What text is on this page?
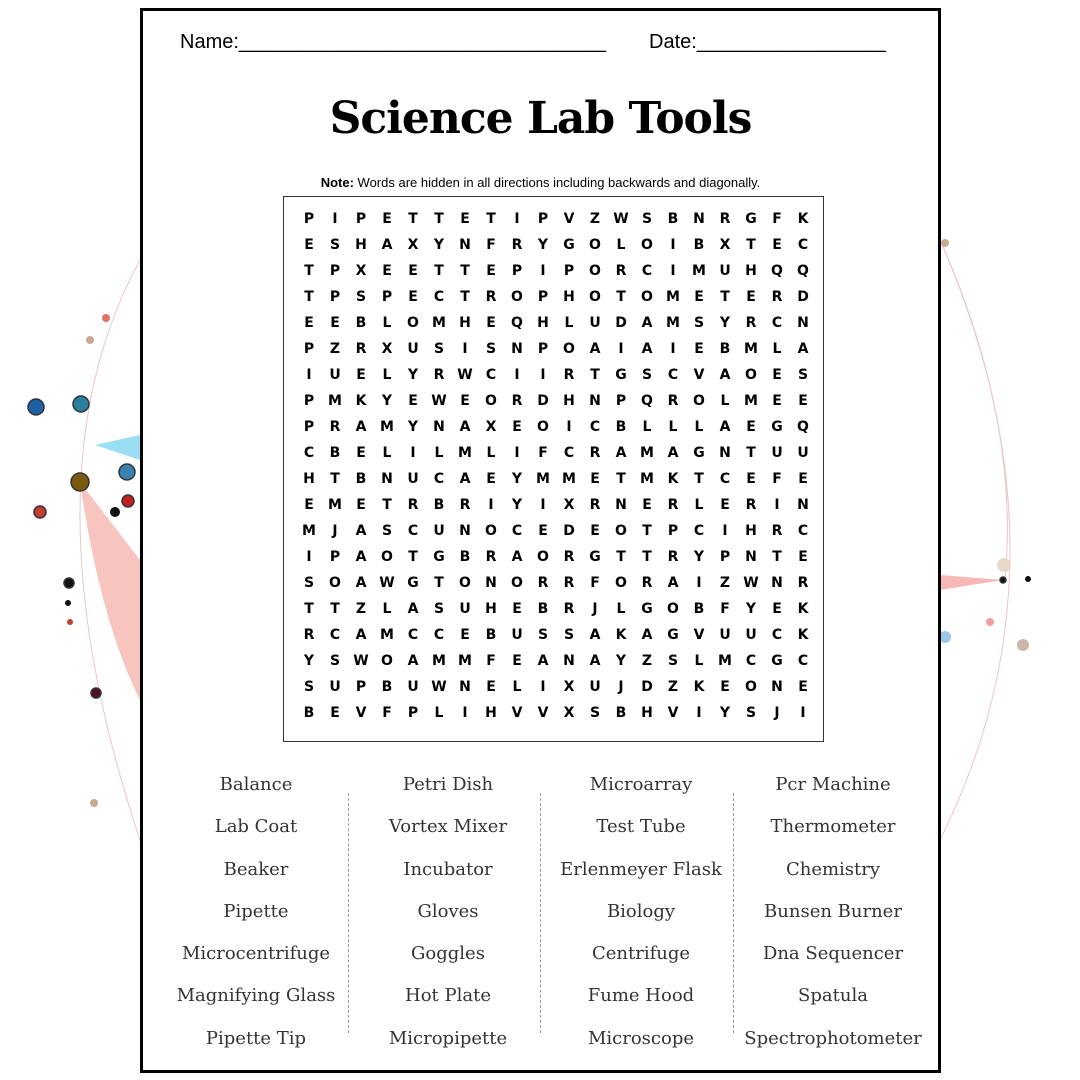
Name:_________________________________ Date:_________________
Science Lab Tools
Note: Words are hidden in all directions including backwards and diagonally.
P	I	P	E	T	T	E	T	I	P	V	Z W S	B	N	R	G	F	K
E	S	H	A	X	Y	N	F	R	Y	G	O	L	O	I	B	X	T	E	C
T	P	X	E	E	T	T	E	P	I	P	O	R	C	I	M U	H	Q	Q
T	P	S	P	E	C	T	R	O	P	H	O	T	O M	E	T	E	R	D
E	E	B	L	O M H	E	Q	H	L	U	D	A M S	Y	R	C	N
P	Z	R	X	U	S	I	S	N	P	O	A	I	A	I	E	B M	L	A
I	U	E	L	Y	R W C	I	I	R	T	G	S	C	V	A	O	E	S
P M K	Y	E W E	O	R	D	H	N	P	Q	R	O	L	M	E	E
P	R	A M Y	N	A	X	E	O	I	C	B	L	L	L	A	E	G	Q
C	B	E	L	I	L	M	L	I	F	C	R	A M A	G	N	T	U	U
H	T	B	N	U	C	A	E	Y M M	E	T	M K	T	C	E	F	E
E	M	E	T	R	B	R	I	Y	I	X	R	N	E	R	L	E	R	I	N
M	J	A	S	C	U	N	O	C	E	D	E	O	T	P	C	I	H	R	C
I	P	A	O	T	G	B	R	A	O	R	G	T	T	R	Y	P	N	T	E
S	O	A W G	T	O	N	O	R	R	F	O	R	A	I	Z W N	R
T	T	Z	L	A	S	U	H	E	B	R	J	L	G	O	B	F	Y	E	K
R	C	A M C	C	E	B	U	S	S	A	K	A	G	V	U	U	C	K
Y	S W O	A M M	F	E	A	N	A	Y	Z	S	L	M C	G	C
S	U	P	B	U W N	E	L	I	X	U	J	D	Z	K	E	O	N	E
B	E	V	F	P	L	I	H	V	V	X	S	B	H	V	I	Y	S	J	I
Balance
Lab Coat
Beaker
Pipette
Microcentrifuge
Magnifying Glass
Pipette Tip
Petri Dish
Vortex Mixer
Incubator
Gloves
Goggles
Hot Plate
Micropipette
Microarray
Test Tube
Erlenmeyer Flask
Biology
Centrifuge
Fume Hood
Microscope
Pcr Machine
Thermometer
Chemistry
Bunsen Burner
Dna Sequencer
Spatula
Spectrophotometer
